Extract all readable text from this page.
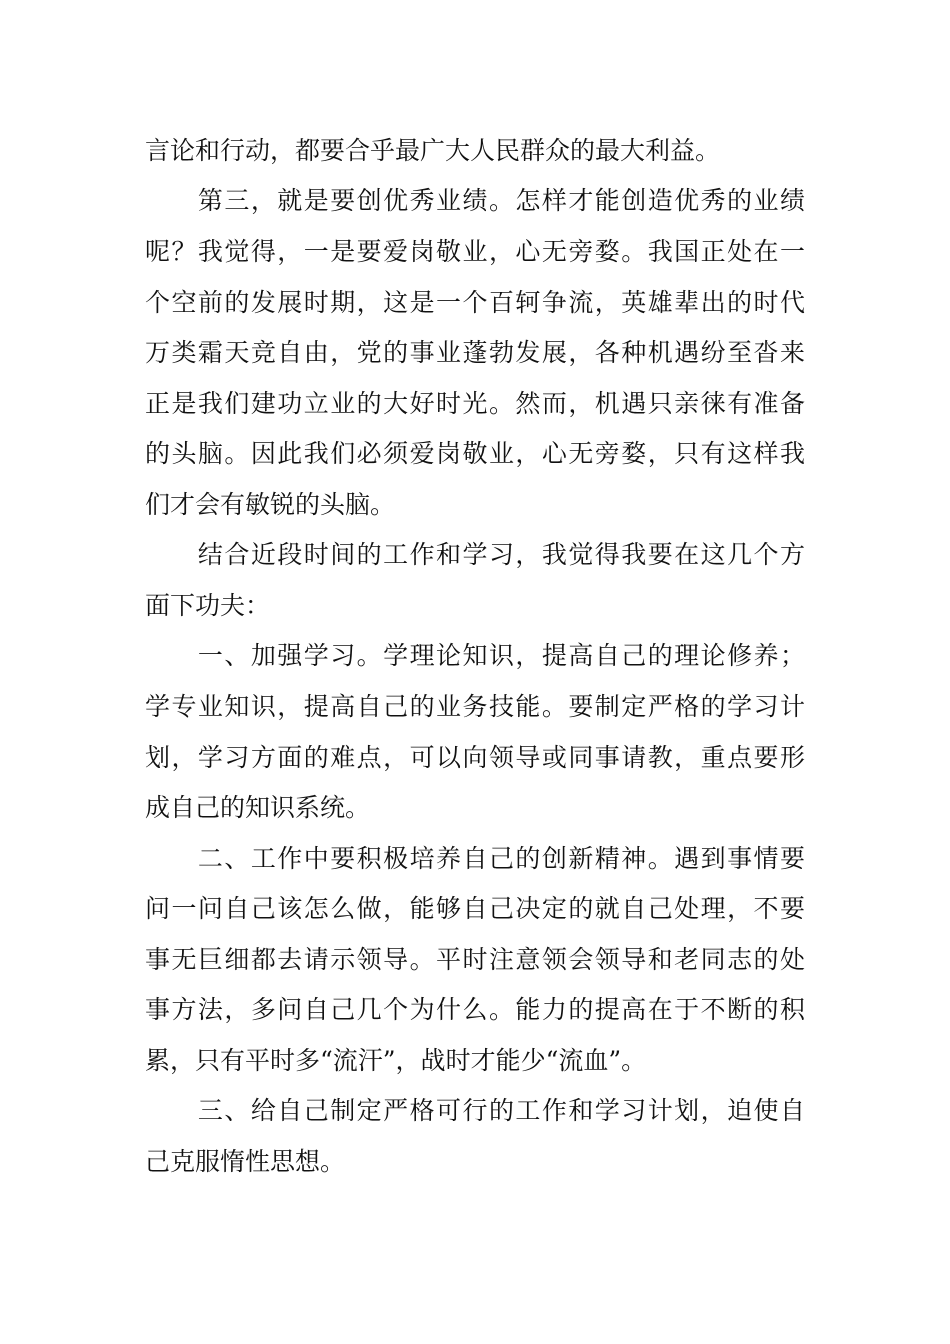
言论和行动，都要合乎最广大人民群众的最大利益。
　　第三，就是要创优秀业绩。怎样才能创造优秀的业绩
呢？我觉得，一是要爱岗敬业，心无旁婺。我国正处在一
个空前的发展时期，这是一个百轲争流，英雄辈出的时代
万类霜天竞自由，党的事业蓬勃发展，各种机遇纷至沓来
正是我们建功立业的大好时光。然而，机遇只亲徕有准备
的头脑。因此我们必须爱岗敬业，心无旁婺，只有这样我
们才会有敏锐的头脑。
　　结合近段时间的工作和学习，我觉得我要在这几个方
面下功夫：
　　一、加强学习。学理论知识，提高自己的理论修养；
学专业知识，提高自己的业务技能。要制定严格的学习计
划，学习方面的难点，可以向领导或同事请教，重点要形
成自己的知识系统。
　　二、工作中要积极培养自己的创新精神。遇到事情要
问一问自己该怎么做，能够自己决定的就自己处理，不要
事无巨细都去请示领导。平时注意领会领导和老同志的处
事方法，多问自己几个为什么。能力的提高在于不断的积
累，只有平时多“流汗”，战时才能少“流血”。
　　三、给自己制定严格可行的工作和学习计划，迫使自
己克服惰性思想。
